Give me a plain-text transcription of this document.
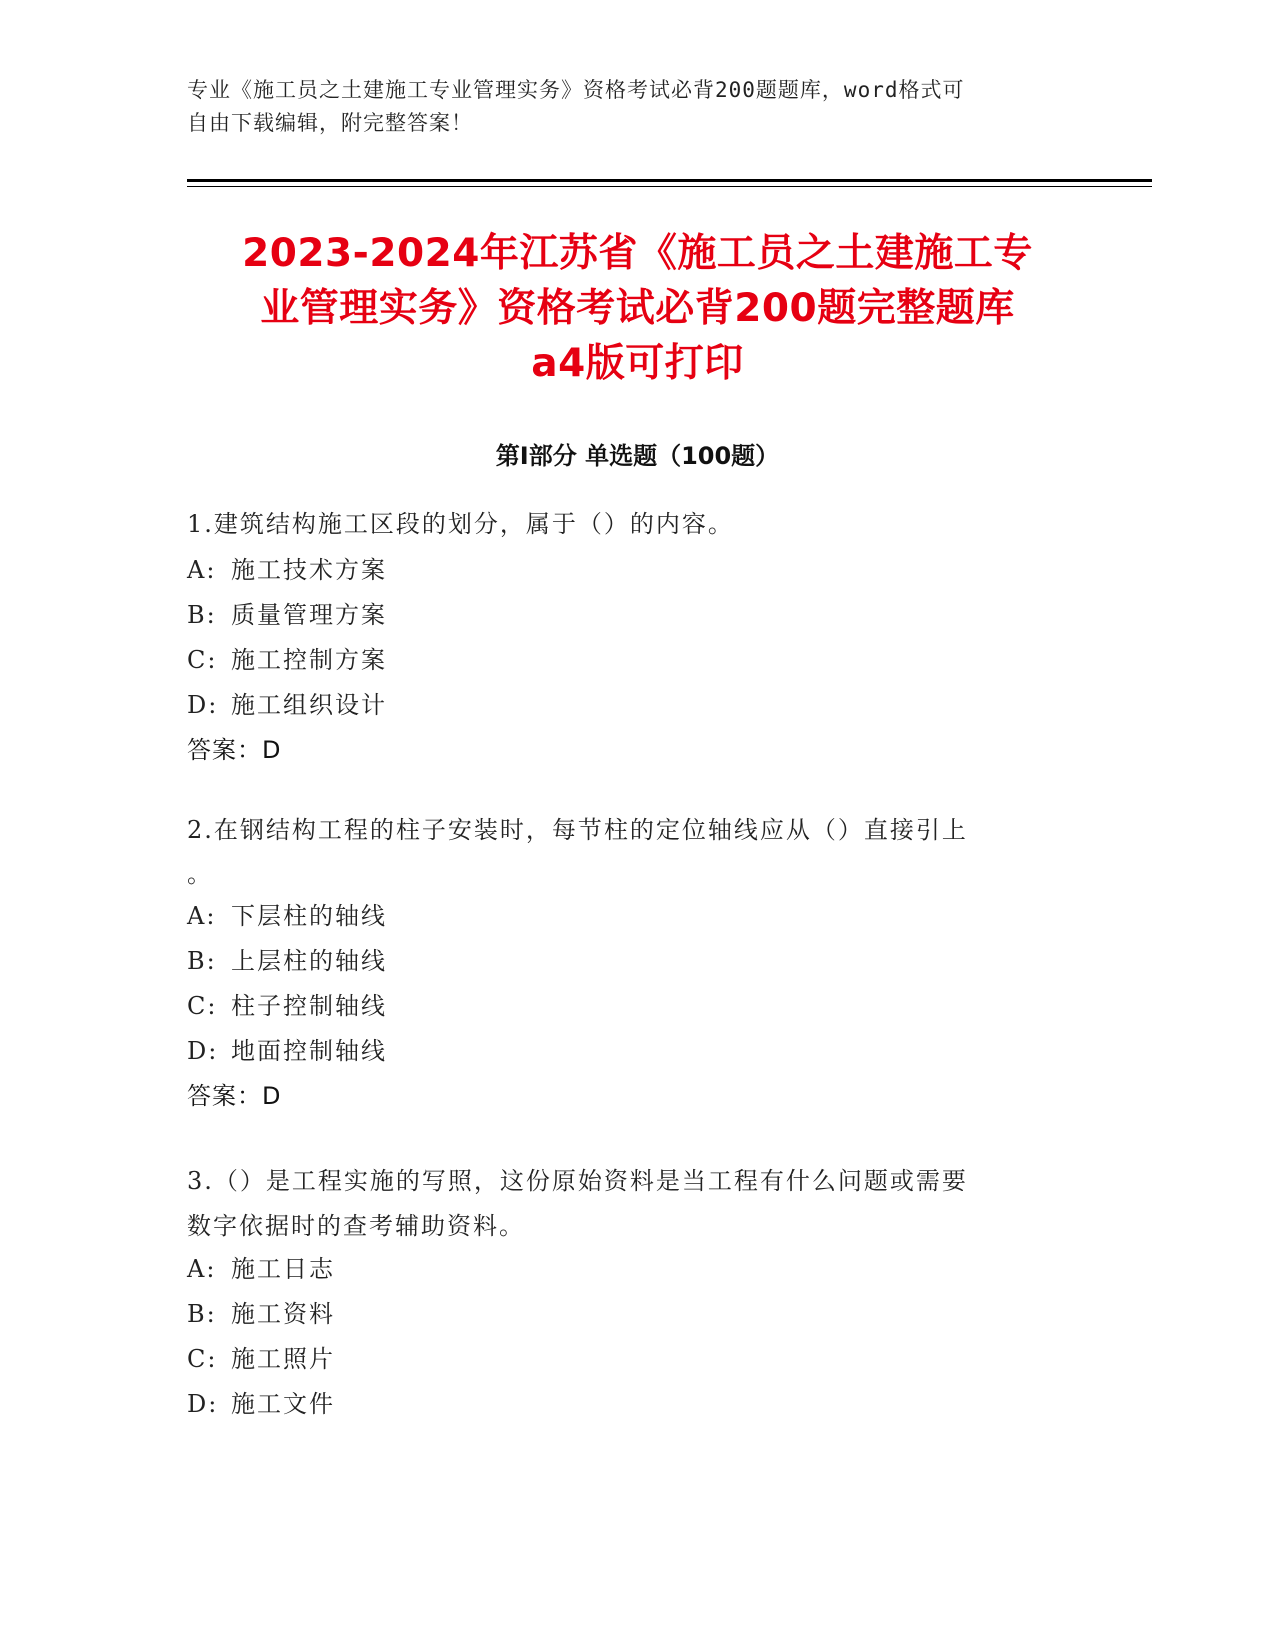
专业《施工员之土建施工专业管理实务》资格考试必背200题题库，word格式可
自由下载编辑，附完整答案！
2023-2024年江苏省《施工员之土建施工专
业管理实务》资格考试必背200题完整题库
a4版可打印
第Ⅰ部分 单选题（100题）

1.建筑结构施工区段的划分，属于（）的内容。

A: 施工技术方案

B: 质量管理方案

C: 施工控制方案

D: 施工组织设计

答案：D

2.在钢结构工程的柱子安装时，每节柱的定位轴线应从（）直接引上

。

A: 下层柱的轴线

B: 上层柱的轴线

C: 柱子控制轴线

D: 地面控制轴线

答案：D

3.（）是工程实施的写照，这份原始资料是当工程有什么问题或需要

数字依据时的查考辅助资料。

A: 施工日志

B: 施工资料

C: 施工照片

D: 施工文件
